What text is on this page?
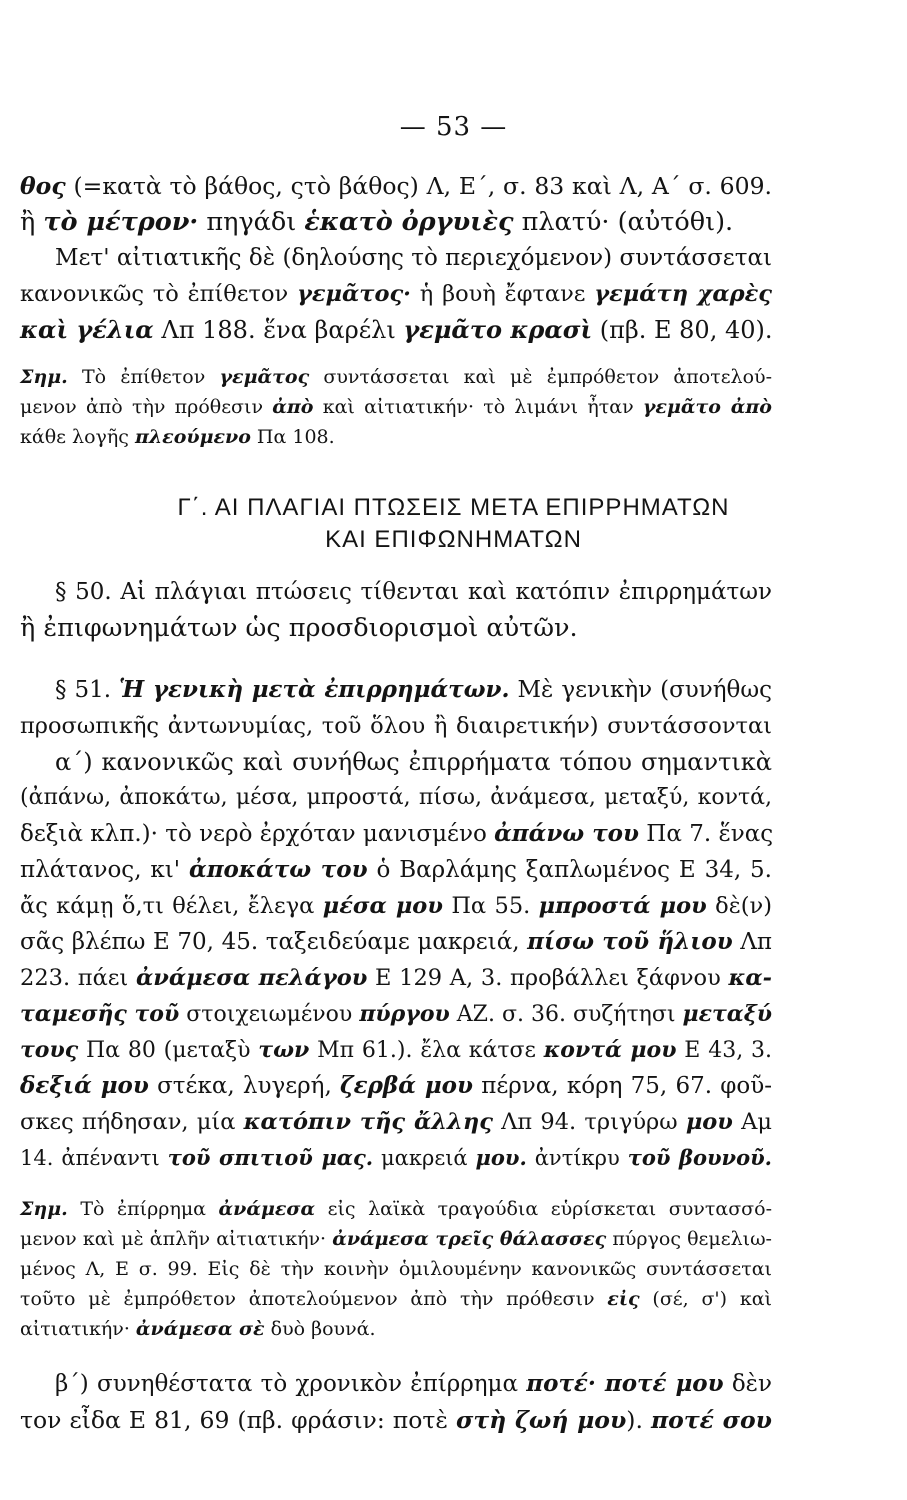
— 53 —
θος (=κατὰ τὸ βάθος, ςτὸ βάθος) Λ, Ε΄, σ. 83 καὶ Λ, Α΄ σ. 609.
ἢ τὸ μέτρον· πηγάδι ἑκατὸ ὀργυιὲς πλατύ· (αὐτόθι).
Μετ' αἰτιατικῆς δὲ (δηλούσης τὸ περιεχόμενον) συντάσσεται
κανονικῶς τὸ ἐπίθετον γεμᾶτος· ἡ βουὴ ἔφτανε γεμάτη χαρὲς
καὶ γέλια Λπ 188. ἕνα βαρέλι γεμᾶτο κρασὶ (πβ. Ε 80, 40).
Σημ. Τὸ ἐπίθετον γεμᾶτος συντάσσεται καὶ μὲ ἐμπρόθετον ἀποτελού-
μενον ἀπὸ τὴν πρόθεσιν ἀπὸ καὶ αἰτιατικήν· τὸ λιμάνι ἦταν γεμᾶτο ἀπὸ
κάθε λογῆς πλεούμενο Πα 108.
Γ΄. ΑΙ ΠΛΑΓΙΑΙ ΠΤΩΣΕΙΣ ΜΕΤΑ ΕΠΙΡΡΗΜΑΤΩΝ
ΚΑΙ ΕΠΙΦΩΝΗΜΑΤΩΝ
§ 50. Αἱ πλάγιαι πτώσεις τίθενται καὶ κατόπιν ἐπιρρημάτων
ἢ ἐπιφωνημάτων ὡς προσδιορισμοὶ αὐτῶν.
§ 51. Ἡ γενικὴ μετὰ ἐπιρρημάτων. Μὲ γενικὴν (συνήθως
προσωπικῆς ἀντωνυμίας, τοῦ ὅλου ἢ διαιρετικήν) συντάσσονται
α΄) κανονικῶς καὶ συνήθως ἐπιρρήματα τόπου σημαντικὰ
(ἀπάνω, ἀποκάτω, μέσα, μπροστά, πίσω, ἀνάμεσα, μεταξύ, κοντά,
δεξιὰ κλπ.)· τὸ νερὸ ἐρχόταν μανισμένο ἀπάνω του Πα 7. ἕνας
πλάτανος, κι' ἀποκάτω του ὁ Βαρλάμης ξαπλωμένος Ε 34, 5.
ἄς κάμῃ ὅ,τι θέλει, ἔλεγα μέσα μου Πα 55. μπροστά μου δὲ(ν)
σᾶς βλέπω Ε 70, 45. ταξειδεύαμε μακρειά, πίσω τοῦ ἥλιου Λπ
223. πάει ἀνάμεσα πελάγου Ε 129 Α, 3. προβάλλει ξάφνου κα-
ταμεσῆς τοῦ στοιχειωμένου πύργου ΑΖ. σ. 36. συζήτησι μεταξύ
τους Πα 80 (μεταξὺ των Μπ 61.). ἔλα κάτσε κοντά μου Ε 43, 3.
δεξιά μου στέκα, λυγερή, ζερβά μου πέρνα, κόρη 75, 67. φοῦ-
σκες πήδησαν, μία κατόπιν τῆς ἄλλης Λπ 94. τριγύρω μου Αμ
14. ἀπέναντι τοῦ σπιτιοῦ μας. μακρειά μου. ἀντίκρυ τοῦ βουνοῦ.
Σημ. Τὸ ἐπίρρημα ἀνάμεσα εἰς λαϊκὰ τραγούδια εὑρίσκεται συντασσό-
μενον καὶ μὲ ἁπλῆν αἰτιατικήν· ἀνάμεσα τρεῖς θάλασσες πύργος θεμελιω-
μένος Λ, Ε σ. 99. Εἰς δὲ τὴν κοινὴν ὁμιλουμένην κανονικῶς συντάσσεται
τοῦτο μὲ ἐμπρόθετον ἀποτελούμενον ἀπὸ τὴν πρόθεσιν εἰς (σέ, σ') καὶ
αἰτιατικήν· ἀνάμεσα σὲ δυὸ βουνά.
β΄) συνηθέστατα τὸ χρονικὸν ἐπίρρημα ποτέ· ποτέ μου δὲν
τον εἶδα Ε 81, 69 (πβ. φράσιν: ποτὲ στὴ ζωή μου). ποτέ σου
